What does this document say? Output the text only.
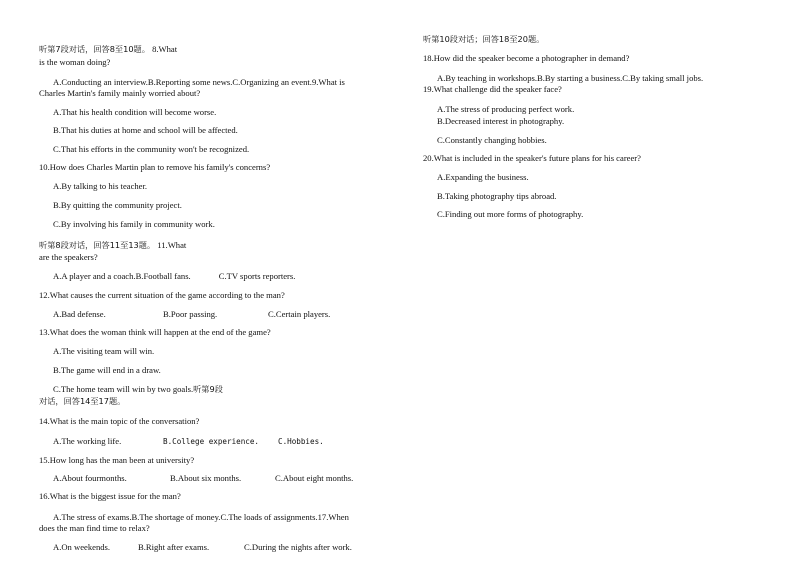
听第7段对话，回答8至10题。 8.What
is the woman doing?
A.Conducting an interview.B.Reporting some news.C.Organizing an event.9.What is
Charles Martin's family mainly worried about?
A.That his health condition will become worse.
B.That his duties at home and school will be affected.
C.That his efforts in the community won't be recognized.
10.How does Charles Martin plan to remove his family's concerns?
A.By talking to his teacher.
B.By quitting the community project.
C.By involving his family in community work.
听第8段对话，回答11至13题。 11.What
are the speakers?
A.A player and a coach.B.Football fans.	C.TV sports reporters.
12.What causes the current situation of the game according to the man?
A.Bad defense.	B.Poor passing.	C.Certain players.
13.What does the woman think will happen at the end of the game?
A.The visiting team will win.
B.The game will end in a draw.
C.The home team will win by two goals.听第9段
对话，回答14至17题。
14.What is the main topic of the conversation?
A.The working life.	B.College experience. C.Hobbies.
15.How long has the man been at university?
A.About fourmonths.	B.About six months.	C.About eight months.
16.What is the biggest issue for the man?
A.The stress of exams.B.The shortage of money.C.The loads of assignments.17.When
does the man find time to relax?
A.On weekends.	B.Right after exams.	C.During the nights after work.
听第10段对话；回答18至20题。
18.How did the speaker become a photographer in demand?
A.By teaching in workshops.B.By starting a business.C.By taking small jobs.
19.What challenge did the speaker face?
A.The stress of producing perfect work.
B.Decreased interest in photography.
C.Constantly changing hobbies.
20.What is included in the speaker's future plans for his career?
A.Expanding the business.
B.Taking photography tips abroad.
C.Finding out more forms of photography.
